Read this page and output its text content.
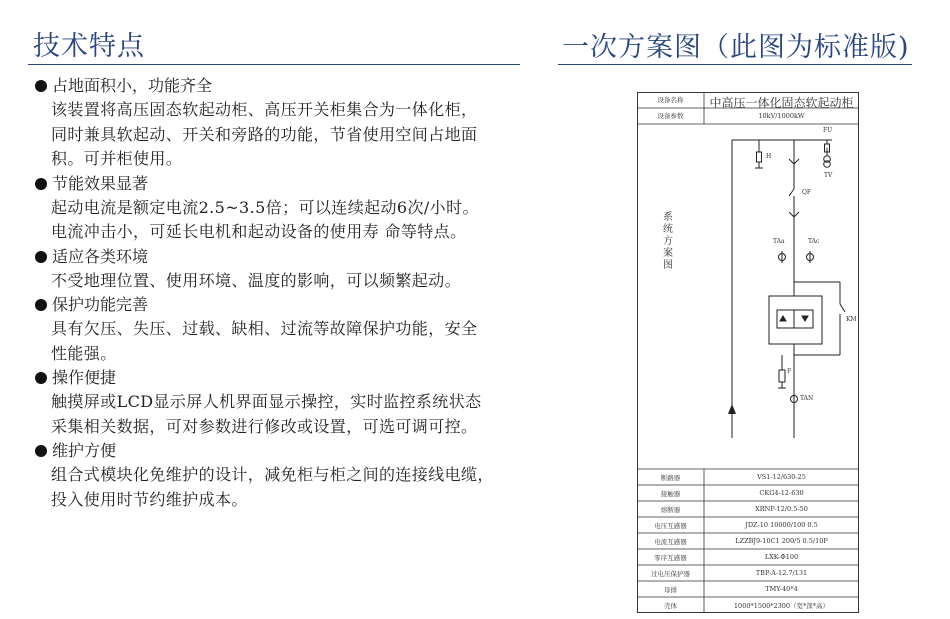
技术特点	一次方案图（此图为标准版)
占地面积小，功能齐全

该装置将高压固态软起动柜、高压开关柜集合为一体化柜，

同时兼具软起动、开关和旁路的功能，节省使用空间占地面

积。可并柜使用。

节能效果显著

起动电流是额定电流2.5~3.5倍；可以连续起动6次/小时。

电流冲击小，可延长电机和起动设备的使用寿 命等特点。

适应各类环境

不受地理位置、使用环境、温度的影响，可以频繁起动。

保护功能完善

具有欠压、失压、过载、缺相、过流等故障保护功能，安全

性能强。

操作便捷

触摸屏或LCD显示屏人机界面显示操控，实时监控系统状态

采集相关数据，可对参数进行修改或设置，可选可调可控。

维护方便

组合式模块化免维护的设计，减免柜与柜之间的连接线电缆，

投入使用时节约维护成本。

设备名称	中高压一体化固态软起动柜
设备参数	10kV/1000kW
系
统
方
案
图
FU
TV
H
QF
TAa	TAc
KM
F
TAN
断路器	VS1-12/630-25
接触器	CKG4-12-630
熔断器	XRNP-12/0.5-50
电压互感器	JDZ-10 10000/100 0.5
电流互感器	LZZBJ9-10C1 200/5 0.5/10P
零序互感器	LXK-Φ100
过电压保护器	TBP-A-12.7/131
母排	TMY-40*4
壳体	1000*1500*2300（宽*深*高）
